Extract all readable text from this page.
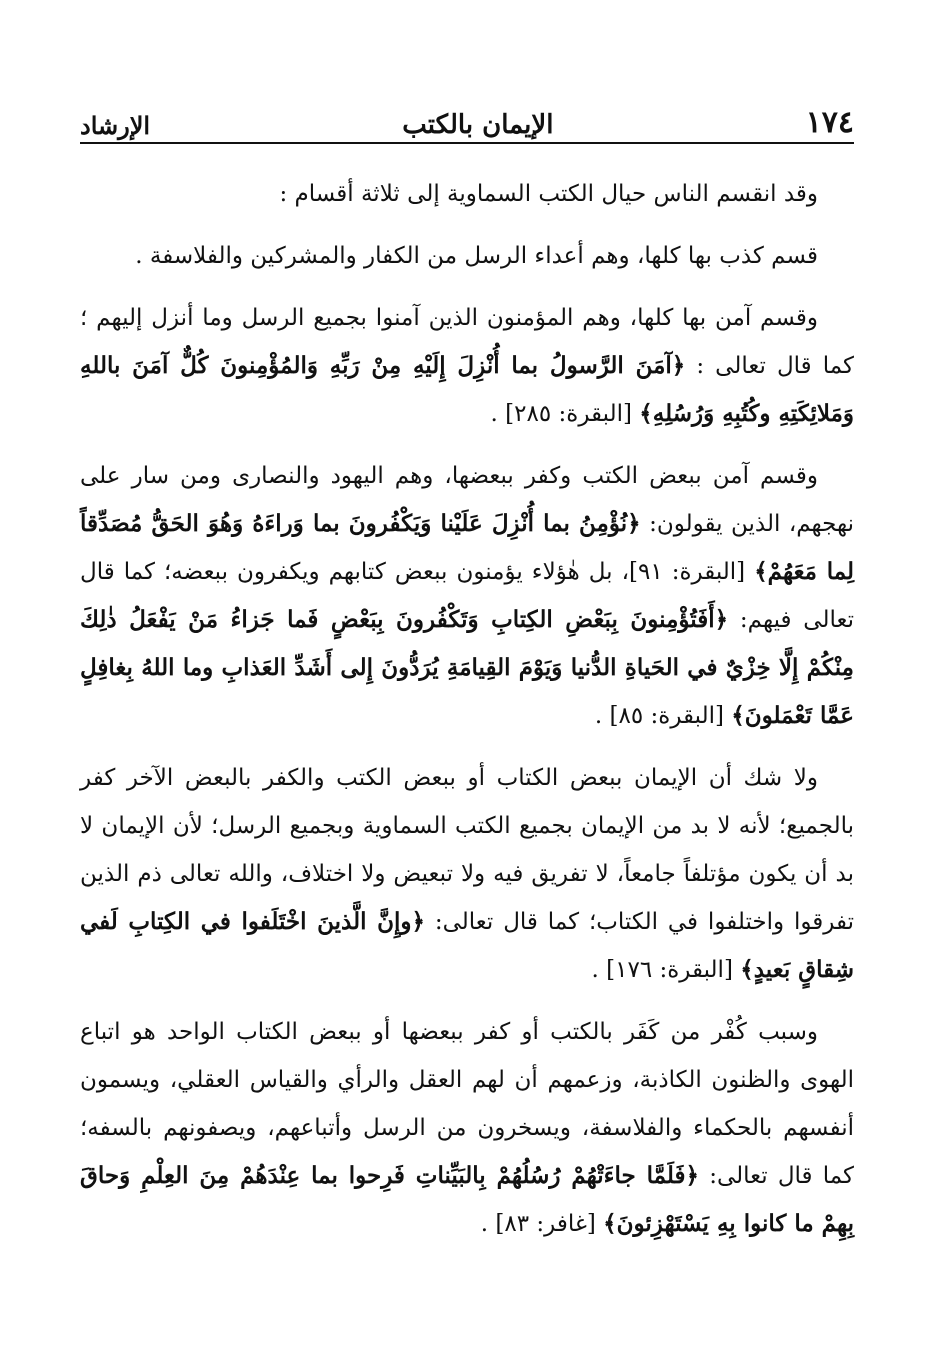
١٧٤
الإيمان بالكتب
الإرشاد

وقد انقسم الناس حيال الكتب السماوية إلى ثلاثة أقسام :

قسم كذب بها كلها، وهم أعداء الرسل من الكفار والمشركين والفلاسفة .

وقسم آمن بها كلها، وهم المؤمنون الذين آمنوا بجميع الرسل وما أنزل إليهم ؛ كما قال تعالى : ﴿آمَنَ الرَّسولُ بما أُنْزِلَ إِلَيْهِ مِنْ رَبِّهِ وَالمُؤْمِنونَ كُلٌّ آمَنَ باللهِ وَمَلائِكَتِهِ وكُتُبِهِ وَرُسُلِهِ﴾ [البقرة: ٢٨٥] .

وقسم آمن ببعض الكتب وكفر ببعضها، وهم اليهود والنصارى ومن سار على نهجهم، الذين يقولون: ﴿نُؤْمِنُ بما أُنْزِلَ عَلَيْنا وَيَكْفُرونَ بما وَراءَهُ وَهُوَ الحَقُّ مُصَدِّقاً لِما مَعَهُمْ﴾ [البقرة: ٩١]، بل هٰؤلاء يؤمنون ببعض كتابهم ويكفرون ببعضه؛ كما قال تعالى فيهم: ﴿أَفَتُؤْمِنونَ بِبَعْضِ الكِتابِ وَتَكْفُرونَ بِبَعْضٍ فَما جَزاءُ مَنْ يَفْعَلُ ذٰلِكَ مِنْكُمْ إِلَّا خِزْيٌ في الحَياةِ الدُّنيا وَيَوْمَ القِيامَةِ يُرَدُّونَ إِلى أَشَدِّ العَذابِ وما اللهُ بِغافِلٍ عَمَّا تَعْمَلونَ﴾ [البقرة: ٨٥] .

ولا شك أن الإيمان ببعض الكتاب أو ببعض الكتب والكفر بالبعض الآخر كفر بالجميع؛ لأنه لا بد من الإيمان بجميع الكتب السماوية وبجميع الرسل؛ لأن الإيمان لا بد أن يكون مؤتلفاً جامعاً، لا تفريق فيه ولا تبعيض ولا اختلاف، والله تعالى ذم الذين تفرقوا واختلفوا في الكتاب؛ كما قال تعالى: ﴿وإِنَّ الَّذينَ اخْتَلَفوا في الكِتابِ لَفي شِقاقٍ بَعيدٍ﴾ [البقرة: ١٧٦] .

وسبب كُفْر من كَفَر بالكتب أو كفر ببعضها أو ببعض الكتاب الواحد هو اتباع الهوى والظنون الكاذبة، وزعمهم أن لهم العقل والرأي والقياس العقلي، ويسمون أنفسهم بالحكماء والفلاسفة، ويسخرون من الرسل وأتباعهم، ويصفونهم بالسفه؛ كما قال تعالى: ﴿فَلَمَّا جاءَتْهُمْ رُسُلُهُمْ بِالبَيِّناتِ فَرِحوا بما عِنْدَهُمْ مِنَ العِلْمِ وَحاقَ بِهِمْ ما كانوا بِهِ يَسْتَهْزِئونَ﴾ [غافر: ٨٣] .
